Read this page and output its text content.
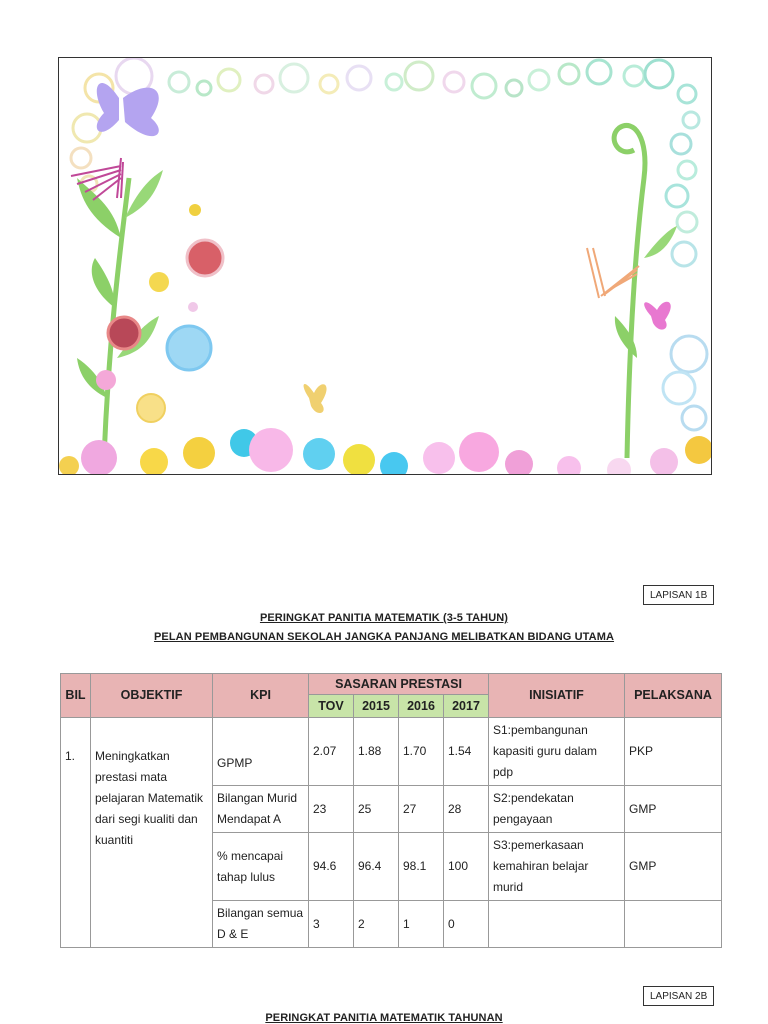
LAPISAN 1B
PERINGKAT PANITIA MATEMATIK (3-5 TAHUN)
PELAN PEMBANGUNAN SEKOLAH JANGKA PANJANG MELIBATKAN BIDANG UTAMA
BIL	OBJEKTIF	KPI	SASARAN PRESTASI				INISIATIF	PELAKSANA
			TOV	2015	2016	2017		
1.	Meningkatkan prestasi mata pelajaran Matematik dari segi kualiti dan kuantiti	GPMP	2.07	1.88	1.70	1.54	S1:pembangunan kapasiti guru dalam pdp	PKP
		Bilangan Murid Mendapat A	23	25	27	28	S2:pendekatan pengayaan	GMP
		% mencapai tahap lulus	94.6	96.4	98.1	100	S3:pemerkasaan kemahiran belajar murid	GMP
		Bilangan semua D & E	3	2	1	0		
LAPISAN 2B
PERINGKAT PANITIA MATEMATIK TAHUNAN
